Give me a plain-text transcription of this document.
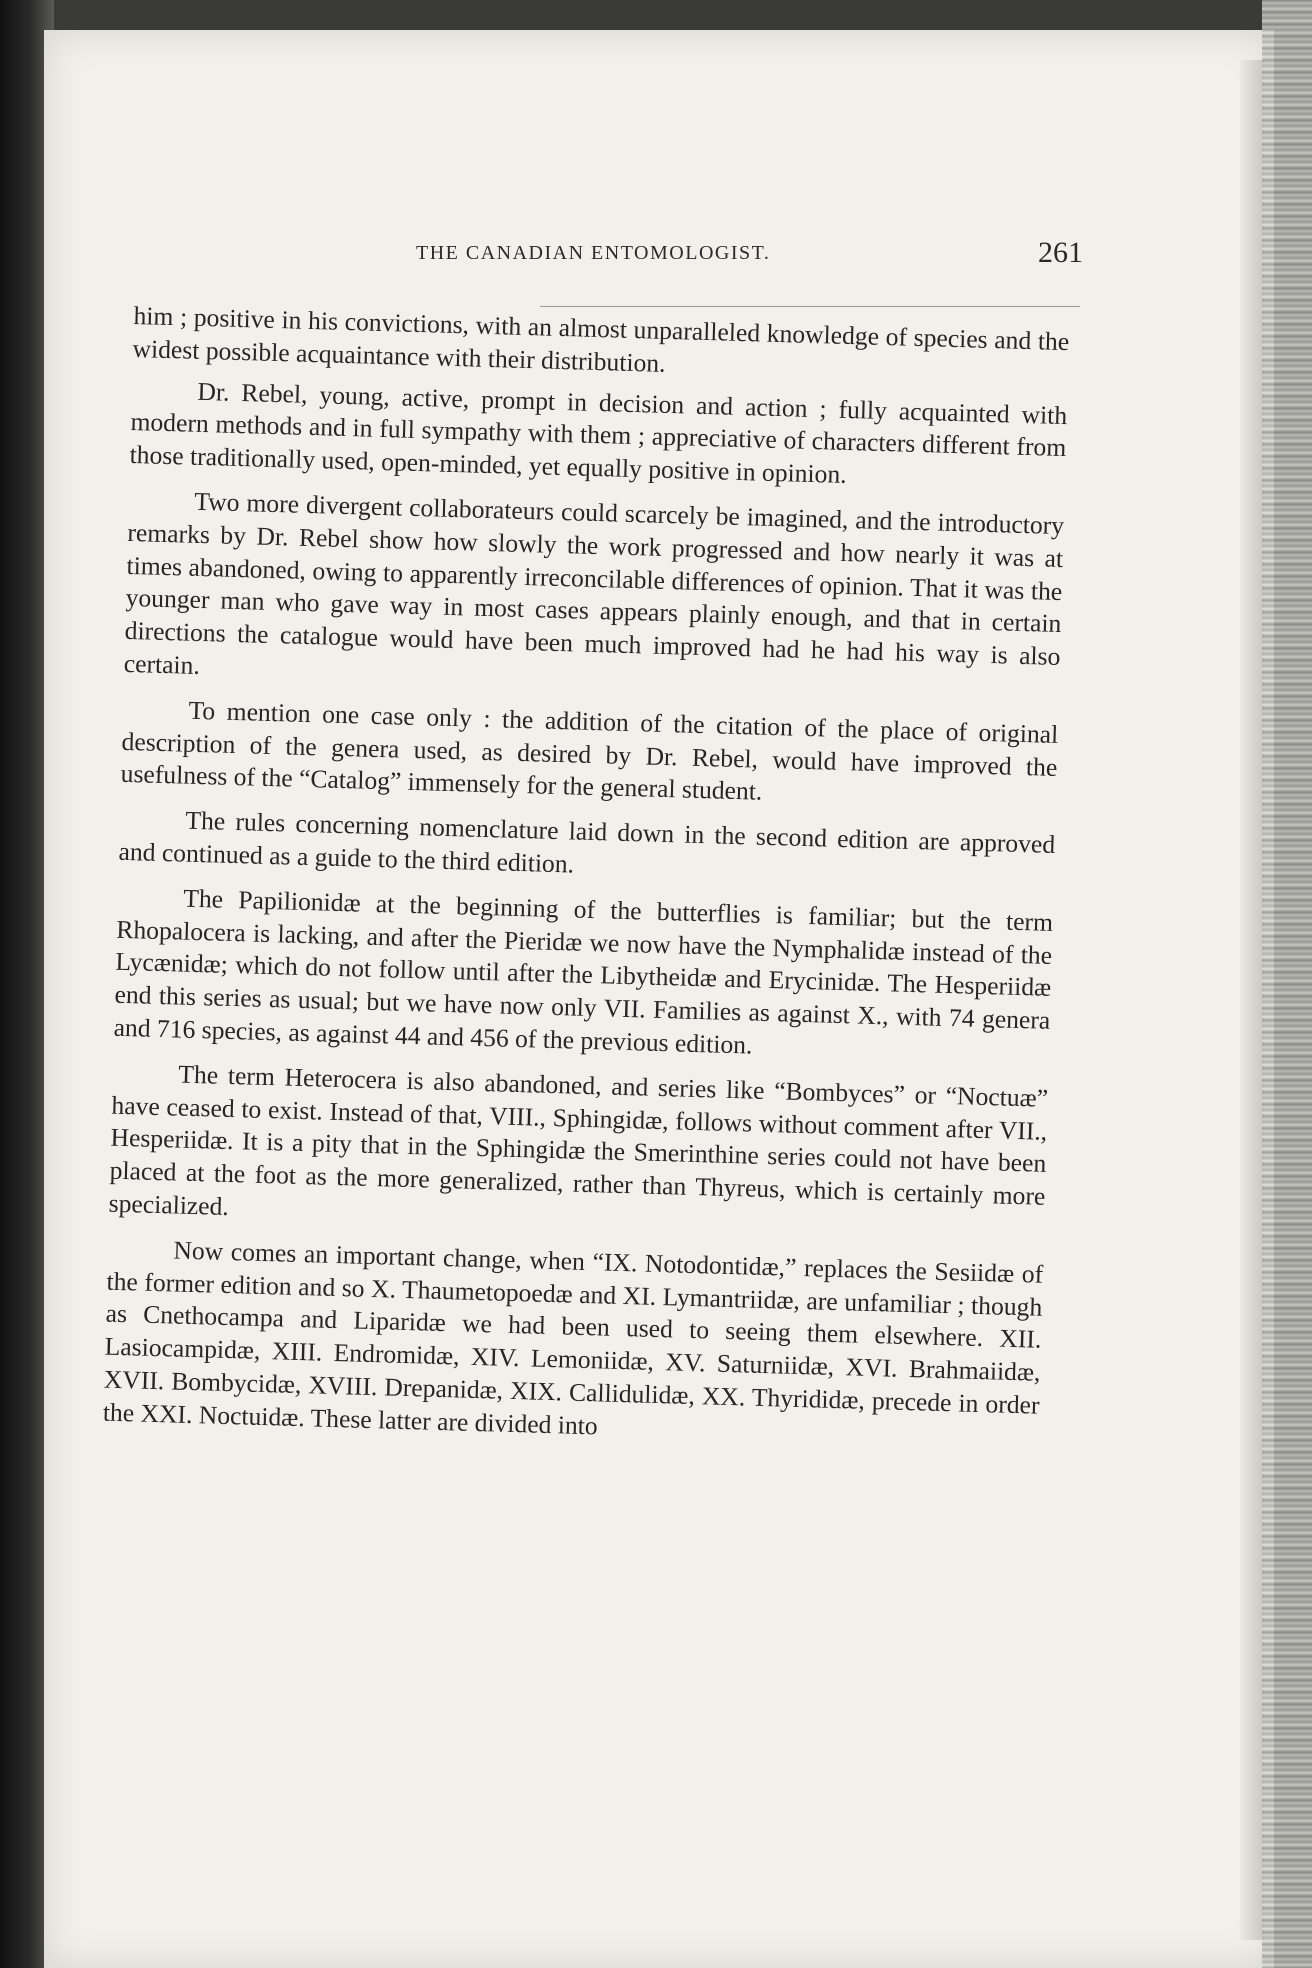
THE CANADIAN ENTOMOLOGIST.	261

him ; positive in his convictions, with an almost unparalleled knowledge of species and the widest possible acquaintance with their distribution.

Dr. Rebel, young, active, prompt in decision and action ; fully acquainted with modern methods and in full sympathy with them ; appreciative of characters different from those traditionally used, open-minded, yet equally positive in opinion.

Two more divergent collaborateurs could scarcely be imagined, and the introductory remarks by Dr. Rebel show how slowly the work progressed and how nearly it was at times abandoned, owing to apparently irreconcilable differences of opinion. That it was the younger man who gave way in most cases appears plainly enough, and that in certain directions the catalogue would have been much improved had he had his way is also certain.

To mention one case only : the addition of the citation of the place of original description of the genera used, as desired by Dr. Rebel, would have improved the usefulness of the “Catalog” immensely for the general student.

The rules concerning nomenclature laid down in the second edition are approved and continued as a guide to the third edition.

The Papilionidæ at the beginning of the butterflies is familiar; but the term Rhopalocera is lacking, and after the Pieridæ we now have the Nymphalidæ instead of the Lycænidæ; which do not follow until after the Libytheidæ and Erycinidæ. The Hesperiidæ end this series as usual; but we have now only VII. Families as against X., with 74 genera and 716 species, as against 44 and 456 of the previous edition.

The term Heterocera is also abandoned, and series like “Bombyces” or “Noctuæ” have ceased to exist. Instead of that, VIII., Sphingidæ, follows without comment after VII., Hesperiidæ. It is a pity that in the Sphingidæ the Smerinthine series could not have been placed at the foot as the more generalized, rather than Thyreus, which is certainly more specialized.

Now comes an important change, when “IX. Notodontidæ,” replaces the Sesiidæ of the former edition and so X. Thaumetopoedæ and XI. Lymantriidæ, are unfamiliar ; though as Cnethocampa and Liparidæ we had been used to seeing them elsewhere. XII. Lasiocampidæ, XIII. Endromidæ, XIV. Lemoniidæ, XV. Saturniidæ, XVI. Brahmaiidæ, XVII. Bombycidæ, XVIII. Drepanidæ, XIX. Callidulidæ, XX. Thyrididæ, precede in order the XXI. Noctuidæ. These latter are divided into
